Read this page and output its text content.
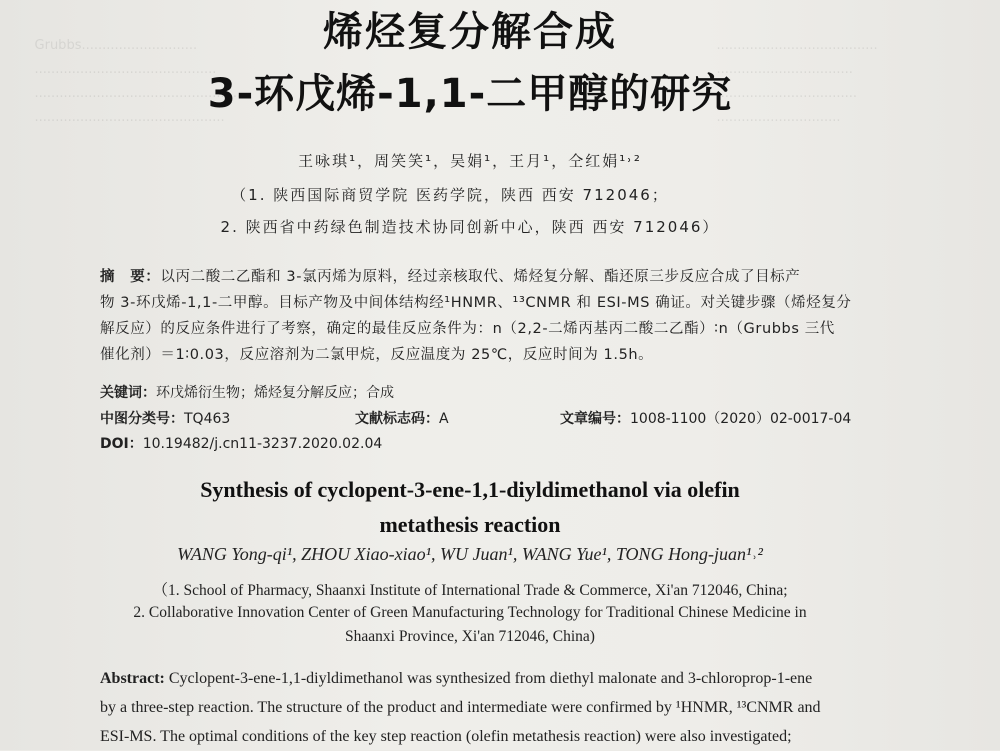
Grubbs............................
............................................
...................................................
..............................................

.......................................
.................................
..................................
..............................

烯烃复分解合成
3-环戊烯-1,1-二甲醇的研究
王咏琪¹，周笑笑¹，吴娟¹，王月¹，仝红娟¹˒²
（1. 陕西国际商贸学院 医药学院，陕西 西安 712046；
2. 陕西省中药绿色制造技术协同创新中心，陕西 西安 712046）
摘　要：以丙二酸二乙酯和 3-氯丙烯为原料，经过亲核取代、烯烃复分解、酯还原三步反应合成了目标产
物 3-环戊烯-1,1-二甲醇。目标产物及中间体结构经¹HNMR、¹³CNMR 和 ESI-MS 确证。对关键步骤（烯烃复分
解反应）的反应条件进行了考察，确定的最佳反应条件为：n（2,2-二烯丙基丙二酸二乙酯）∶n（Grubbs 三代
催化剂）＝1∶0.03，反应溶剂为二氯甲烷，反应温度为 25℃，反应时间为 1.5h。
关键词：环戊烯衍生物；烯烃复分解反应；合成
中图分类号：TQ463	文献标志码：A	文章编号：1008-1100（2020）02-0017-04
DOI：10.19482/j.cn11-3237.2020.02.04
Synthesis of cyclopent-3-ene-1,1-diyldimethanol via olefin
metathesis reaction
WANG Yong-qi¹, ZHOU Xiao-xiao¹, WU Juan¹, WANG Yue¹, TONG Hong-juan¹˒²
（1. School of Pharmacy, Shaanxi Institute of International Trade & Commerce, Xi'an 712046, China;
2. Collaborative Innovation Center of Green Manufacturing Technology for Traditional Chinese Medicine in
Shaanxi Province, Xi'an 712046, China)
Abstract: Cyclopent-3-ene-1,1-diyldimethanol was synthesized from diethyl malonate and 3-chloroprop-1-ene
by a three-step reaction. The structure of the product and intermediate were confirmed by ¹HNMR, ¹³CNMR and
ESI-MS. The optimal conditions of the key step reaction (olefin metathesis reaction) were also investigated;
